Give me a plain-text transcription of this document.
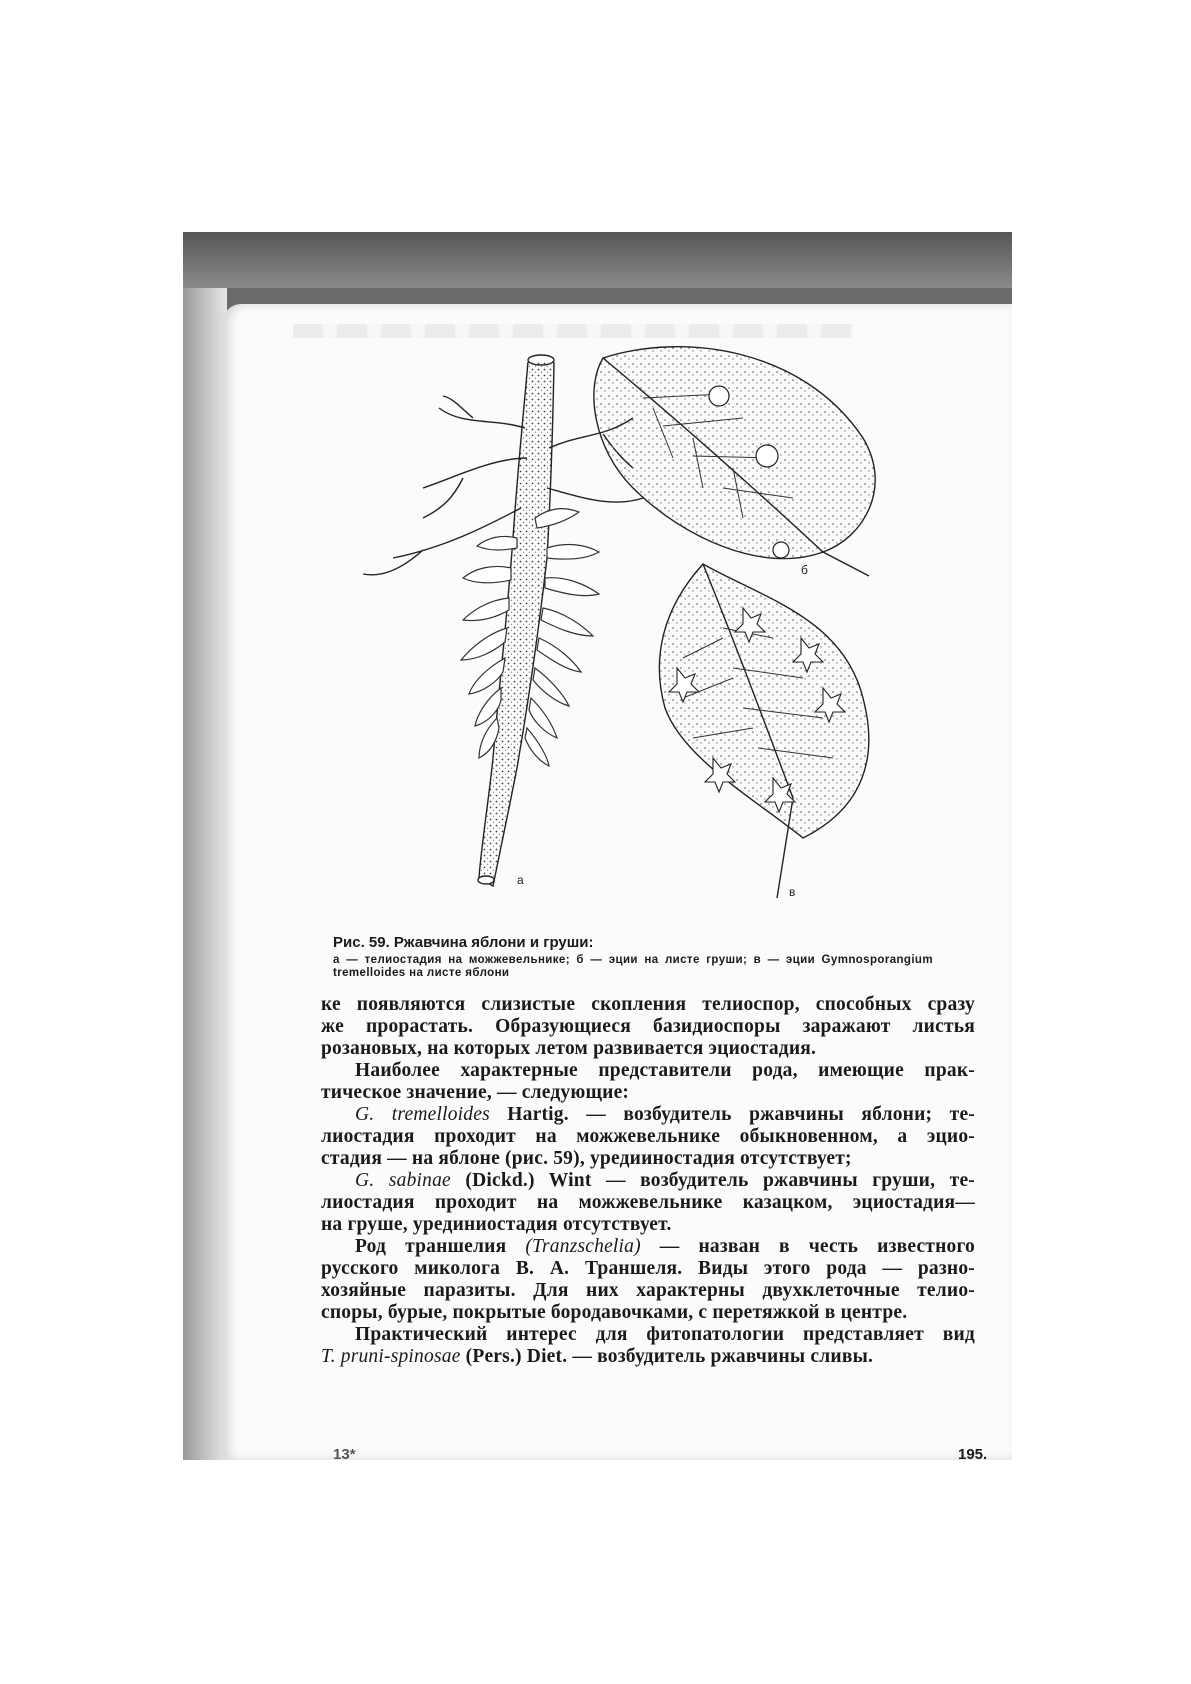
а
б
в
Рис. 59. Ржавчина яблони и груши:
а — телиостадия на можжевельнике; б — эции на листе груши; в — эции Gymnosporangium tremelloides на листе яблони

ке появляются слизистые скопления телиоспор, способных сразу
же прорастать. Образующиеся базидиоспоры заражают листья
розановых, на которых летом развивается эциостадия.

Наиболее характерные представители рода, имеющие прак-
тическое значение, — следующие:

G. tremelloides Hartig. — возбудитель ржавчины яблони; те-
лиостадия проходит на можжевельнике обыкновенном, а эцио-
стадия — на яблоне (рис. 59), уредииностадия отсутствует;

G. sabinae (Dickd.) Wint — возбудитель ржавчины груши, те-
лиостадия проходит на можжевельнике казацком, эциостадия—
на груше, урединиостадия отсутствует.

Род траншелия (Tranzschelia) — назван в честь известного
русского миколога В. А. Траншеля. Виды этого рода — разно-
хозяйные паразиты. Для них характерны двухклеточные телио-
споры, бурые, покрытые бородавочками, с перетяжкой в центре.

Практический интерес для фитопатологии представляет вид
T. pruni-spinosae (Pers.) Diet. — возбудитель ржавчины сливы.

13*	195.
